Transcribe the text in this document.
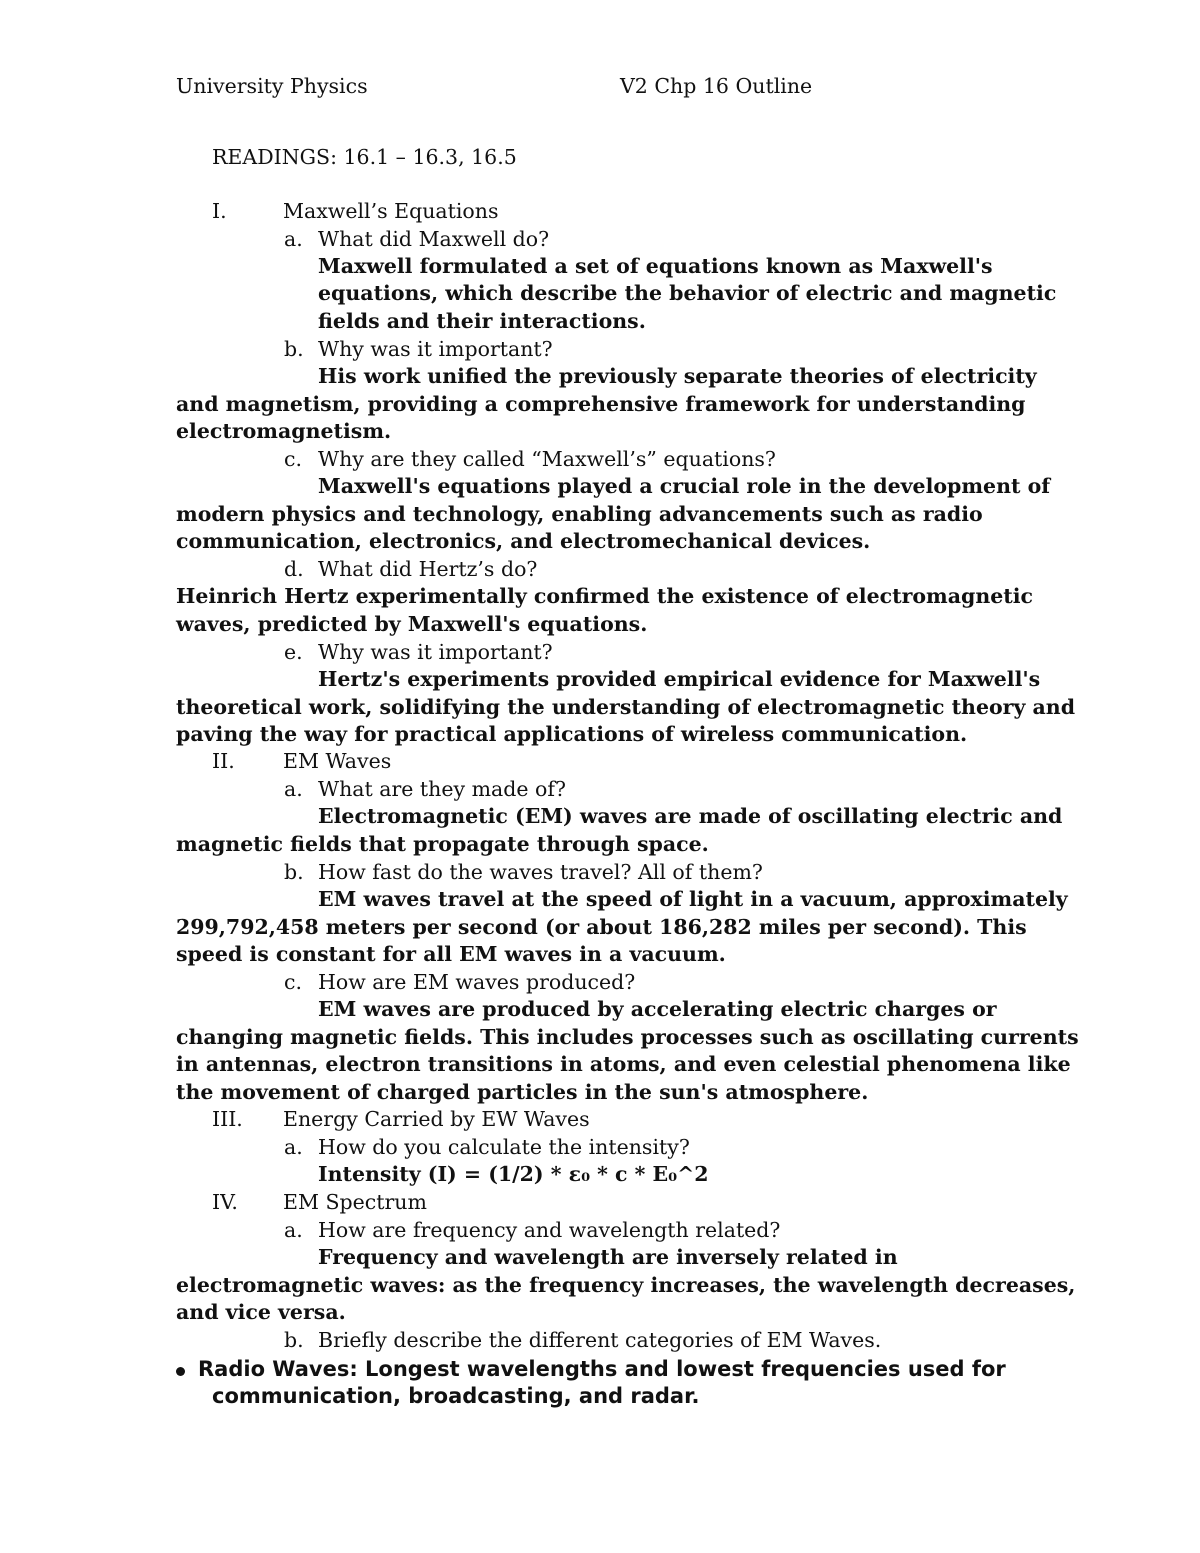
University Physics	V2 Chp 16 Outline
READINGS: 16.1 – 16.3, 16.5
I.	Maxwell’s Equations
a. What did Maxwell do?
Maxwell formulated a set of equations known as Maxwell's
equations, which describe the behavior of electric and magnetic
fields and their interactions.
b. Why was it important?
His work unified the previously separate theories of electricity
and magnetism, providing a comprehensive framework for understanding
electromagnetism.
c. Why are they called “Maxwell’s” equations?
Maxwell's equations played a crucial role in the development of
modern physics and technology, enabling advancements such as radio
communication, electronics, and electromechanical devices.
d. What did Hertz’s do?
Heinrich Hertz experimentally confirmed the existence of electromagnetic
waves, predicted by Maxwell's equations.
e. Why was it important?
Hertz's experiments provided empirical evidence for Maxwell's
theoretical work, solidifying the understanding of electromagnetic theory and
paving the way for practical applications of wireless communication.
II. EM Waves
a. What are they made of?
Electromagnetic (EM) waves are made of oscillating electric and
magnetic fields that propagate through space.
b. How fast do the waves travel? All of them?
EM waves travel at the speed of light in a vacuum, approximately
299,792,458 meters per second (or about 186,282 miles per second). This
speed is constant for all EM waves in a vacuum.
c. How are EM waves produced?
EM waves are produced by accelerating electric charges or
changing magnetic fields. This includes processes such as oscillating currents
in antennas, electron transitions in atoms, and even celestial phenomena like
the movement of charged particles in the sun's atmosphere.
III. Energy Carried by EW Waves
a. How do you calculate the intensity?
Intensity (I) = (1/2) * ε₀ * c * E₀^2
IV. EM Spectrum
a. How are frequency and wavelength related?
Frequency and wavelength are inversely related in
electromagnetic waves: as the frequency increases, the wavelength decreases,
and vice versa.
b. Briefly describe the different categories of EM Waves.
Radio Waves: Longest wavelengths and lowest frequencies used for
communication, broadcasting, and radar.
